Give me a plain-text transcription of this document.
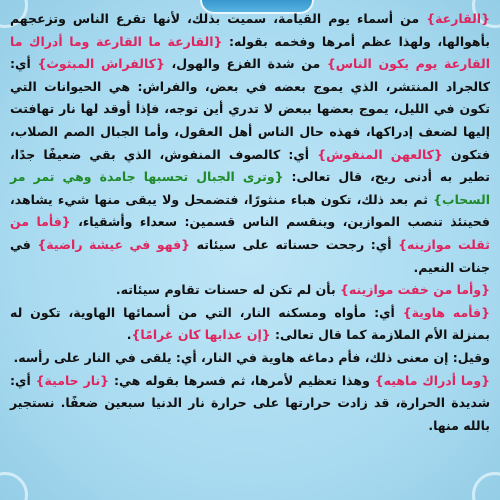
{القارعة} من أسماء يوم القيامة، سميت بذلك، لأنها تقرع الناس وتزعجهم بأهوالها، ولهذا عظم أمرها وفخمه بقوله: {القارعة ما القارعة وما أدراك ما القارعة يوم يكون الناس} من شدة الفزع والهول، {كالفراش المبثوث} أي: كالجراد المنتشر، الذي يموج بعضه في بعض، والفراش: هي الحيوانات التي تكون في الليل، يموج بعضها ببعض لا تدري أين توجه، فإذا أوقد لها نار تهافتت إليها لضعف إدراكها، فهذه حال الناس أهل العقول، وأما الجبال الصم الصلاب، فتكون {كالعهن المنفوش} أي: كالصوف المنفوش، الذي بقي ضعيفًا جدًا، تطير به أدنى ريح، قال تعالى: {وترى الجبال تحسبها جامدة وهي تمر مر السحاب} ثم بعد ذلك، تكون هباء منثورًا، فتضمحل ولا يبقى منها شيء يشاهد، فحينئذ تنصب الموازين، وينقسم الناس قسمين: سعداء وأشقياء، {فأما من ثقلت موازينه} أي: رجحت حسناته على سيئاته {فهو في عيشة راضية} في جنات النعيم.

{وأما من خفت موازينه} بأن لم تكن له حسنات تقاوم سيئاته.

{فأمه هاوية} أي: مأواه ومسكنه النار، التي من أسمائها الهاوية، تكون له بمنزلة الأم الملازمة كما قال تعالى: {إن عذابها كان غرامًا}.

وقيل: إن معنى ذلك، فأم دماغه هاوية في النار، أي: يلقى في النار على رأسه.

{وما أدراك ماهيه} وهذا تعظيم لأمرها، ثم فسرها بقوله هي: {نار حامية} أي: شديدة الحرارة، قد زادت حرارتها على حرارة نار الدنيا سبعين ضعفًا. نستجير بالله منها.
